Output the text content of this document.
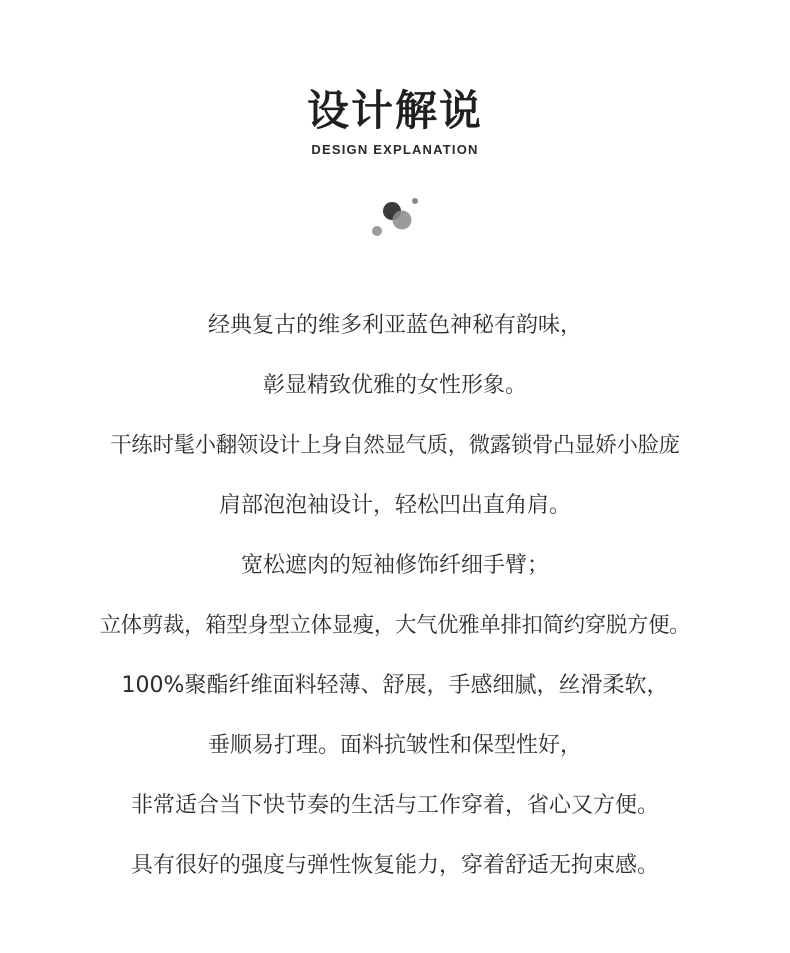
设计解说
DESIGN EXPLANATION
经典复古的维多利亚蓝色神秘有韵味，
彰显精致优雅的女性形象。
干练时髦小翻领设计上身自然显气质，微露锁骨凸显娇小脸庞
肩部泡泡袖设计，轻松凹出直角肩。
宽松遮肉的短袖修饰纤细手臂；
立体剪裁，箱型身型立体显瘦，大气优雅单排扣简约穿脱方便。
100%聚酯纤维面料轻薄、舒展，手感细腻，丝滑柔软，
垂顺易打理。面料抗皱性和保型性好，
非常适合当下快节奏的生活与工作穿着，省心又方便。
具有很好的强度与弹性恢复能力，穿着舒适无拘束感。
